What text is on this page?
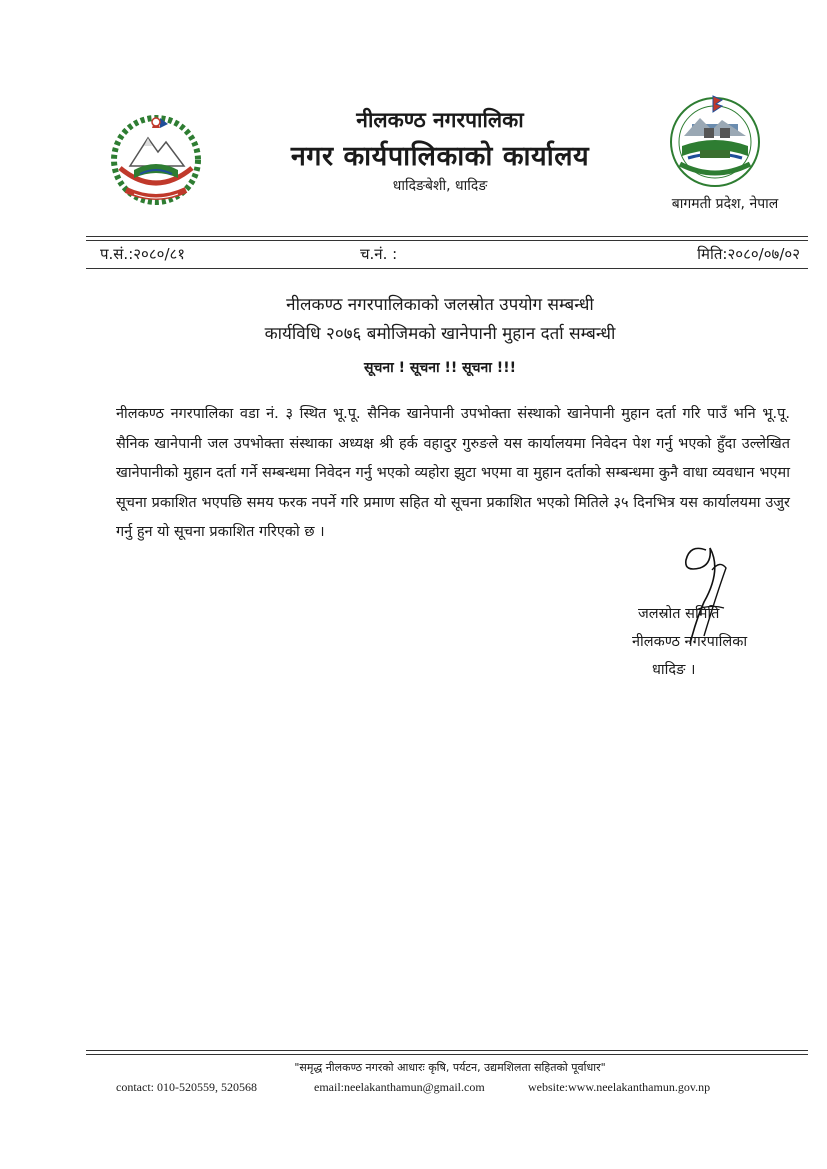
नीलकण्ठ नगरपालिका
नगर कार्यपालिकाको कार्यालय
धादिङबेशी, धादिङ
बागमती प्रदेश, नेपाल
प.सं.:२०८०/८१	च.नं. :	मिति:२०८०/०७/०२
नीलकण्ठ नगरपालिकाको जलस्रोत उपयोग सम्बन्धी
कार्यविधि २०७६ बमोजिमको खानेपानी मुहान दर्ता सम्बन्धी
सूचना ! सूचना !! सूचना !!!

नीलकण्ठ नगरपालिका वडा नं. ३ स्थित भू.पू. सैनिक खानेपानी उपभोक्ता संस्थाको खानेपानी मुहान दर्ता गरि पाउँ भनि भू.पू. सैनिक खानेपानी जल उपभोक्ता संस्थाका अध्यक्ष श्री हर्क वहादुर गुरुङले यस कार्यालयमा निवेदन पेश गर्नु भएको हुँदा उल्लेखित खानेपानीको मुहान दर्ता गर्ने सम्बन्धमा निवेदन गर्नु भएको व्यहोरा झुटा भएमा वा मुहान दर्ताको सम्बन्धमा कुनै वाधा व्यवधान भएमा सूचना प्रकाशित भएपछि समय फरक नपर्ने गरि प्रमाण सहित यो सूचना प्रकाशित भएको मितिले ३५ दिनभित्र यस कार्यालयमा उजुर गर्नु हुन यो सूचना प्रकाशित गरिएको छ ।

जलस्रोत समिति
नीलकण्ठ नगरपालिका
धादिङ ।
"समृद्ध नीलकण्ठ नगरको आधारः कृषि, पर्यटन, उद्यमशिलता सहितको पूर्वाधार"
contact: 010-520559, 520568	email:neelakanthamun@gmail.com	website:www.neelakanthamun.gov.np
